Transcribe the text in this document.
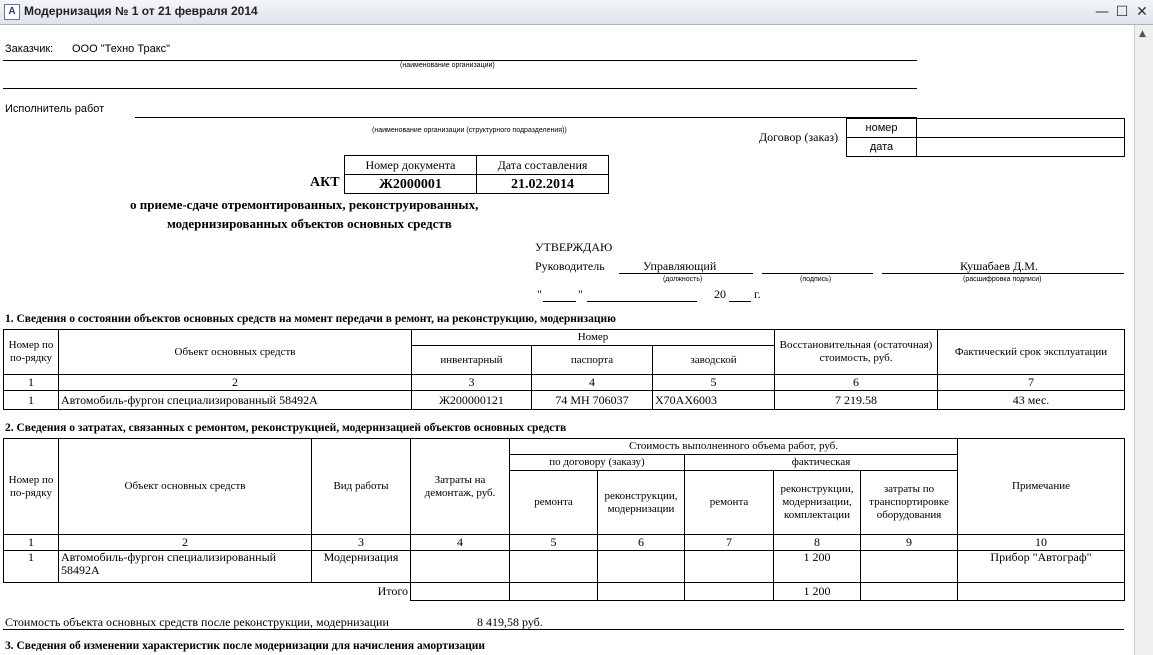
A Модернизация № 1 от 21 февраля 2014	— ☐ ✕
▲
Заказчик: ООО "Техно Тракс"
(наименование организации)
Исполнитель работ
(наименование организации (структурного подразделения))	Договор (заказ)
номер	
дата	
АКТ
Номер документа	Дата составления
Ж2000001	21.02.2014
о приеме-сдаче отремонтированных, реконструированных,
модернизированных объектов основных средств
УТВЕРЖДАЮ
Руководитель	Управляющий	Кушабаев Д.М.
(должность)	(подпись)	(расшифровка подписи)
"	"	20 г.
1. Сведения о состоянии объектов основных средств на момент передачи в ремонт, на реконструкцию, модернизацию
Номер по по-рядку	Объект основных средств	Номер			Восстановительная (остаточная) стоимость, руб.	Фактический срок эксплуатации
		инвентарный	паспорта	заводской		
1	2	3	4	5	6	7
1	Автомобиль-фургон специализированный 58492А	Ж200000121	74 МН 706037	Х70АХ6003	7 219.58	43 мес.
2. Сведения о затратах, связанных с ремонтом, реконструкцией, модернизацией объектов основных средств
Номер по по-рядку	Объект основных средств	Вид работы	Затраты на демонтаж, руб.	Стоимость выполненного объема работ, руб.					Примечание
				по договору (заказу)		фактическая			
				ремонта	реконструкции, модернизации	ремонта	реконструкции, модернизации, комплектации	затраты по транспортировке оборудования	
1	2	3	4	5	6	7	8	9	10
1	Автомобиль-фургон специализированный 58492А	Модернизация					1 200		Прибор "Автограф"
Итого							1 200		
Стоимость объекта основных средств после реконструкции, модернизации	8 419,58 руб.
3. Сведения об изменении характеристик после модернизации для начисления амортизации
